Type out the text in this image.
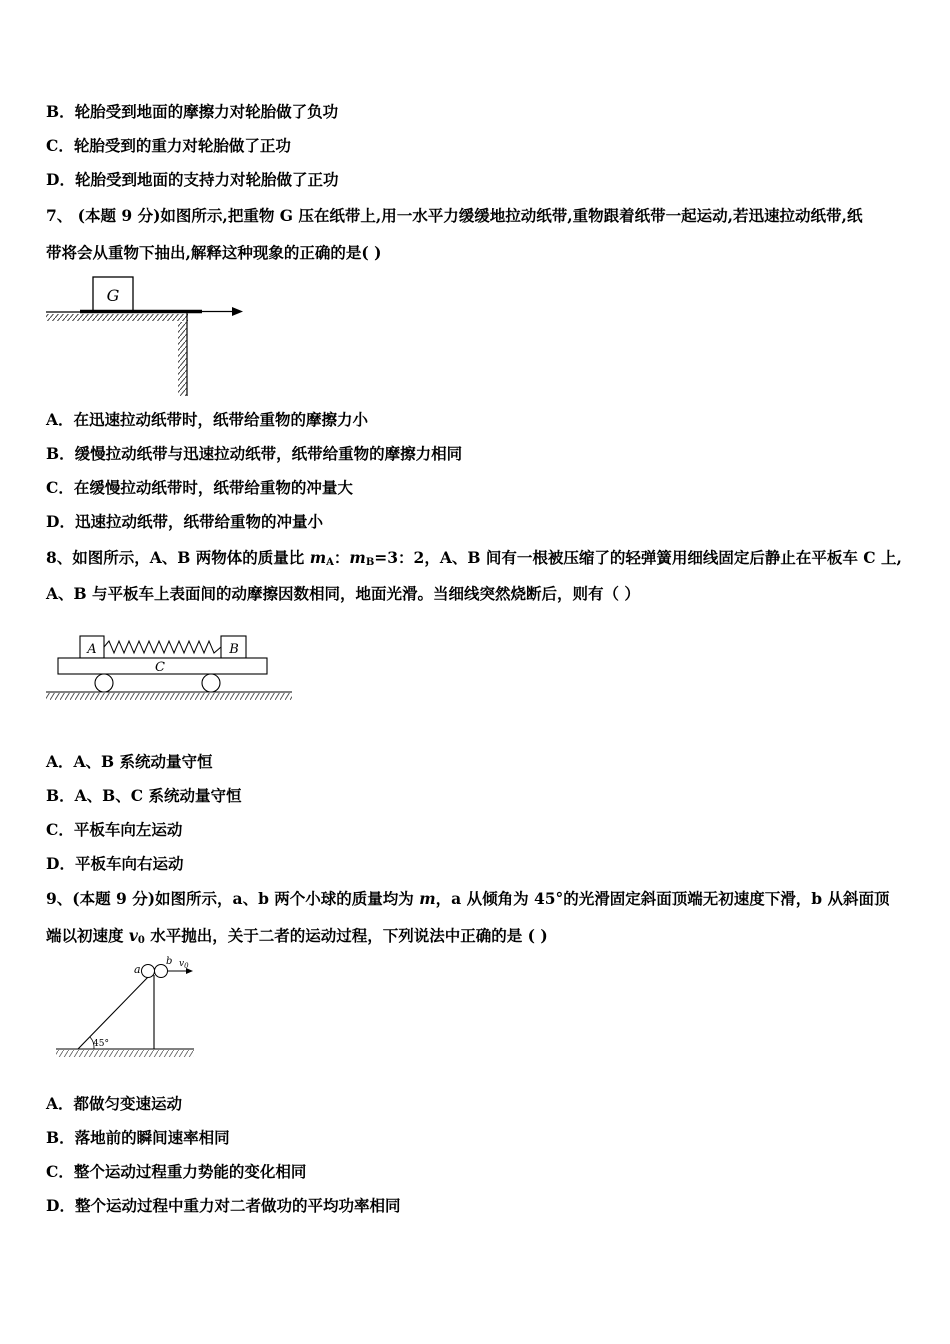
B．轮胎受到地面的摩擦力对轮胎做了负功
C．轮胎受到的重力对轮胎做了正功
D．轮胎受到地面的支持力对轮胎做了正功
7、 (本题 9 分)如图所示,把重物 G 压在纸带上,用一水平力缓缓地拉动纸带,重物跟着纸带一起运动,若迅速拉动纸带,纸
带将会从重物下抽出,解释这种现象的正确的是( )
G
A．在迅速拉动纸带时，纸带给重物的摩擦力小
B．缓慢拉动纸带与迅速拉动纸带，纸带给重物的摩擦力相同
C．在缓慢拉动纸带时，纸带给重物的冲量大
D．迅速拉动纸带，纸带给重物的冲量小
8、如图所示，A、B 两物体的质量比 $m_A$：$m_B=3$：2，A、B 间有一根被压缩了的轻弹簧用细线固定后静止在平板车 C 上,
A、B 与平板车上表面间的动摩擦因数相同，地面光滑。当细线突然烧断后，则有（ ）
A	B
C
A．A、B 系统动量守恒
B．A、B、C 系统动量守恒
C．平板车向左运动
D．平板车向右运动
9、(本题 9 分)如图所示，a、b 两个小球的质量均为 m，a 从倾角为 45°的光滑固定斜面顶端无初速度下滑，b 从斜面顶
端以初速度 $v_0$ 水平抛出，关于二者的运动过程，下列说法中正确的是 ( )
a
b $v_0$
45°
A．都做匀变速运动
B．落地前的瞬间速率相同
C．整个运动过程重力势能的变化相同
D．整个运动过程中重力对二者做功的平均功率相同
